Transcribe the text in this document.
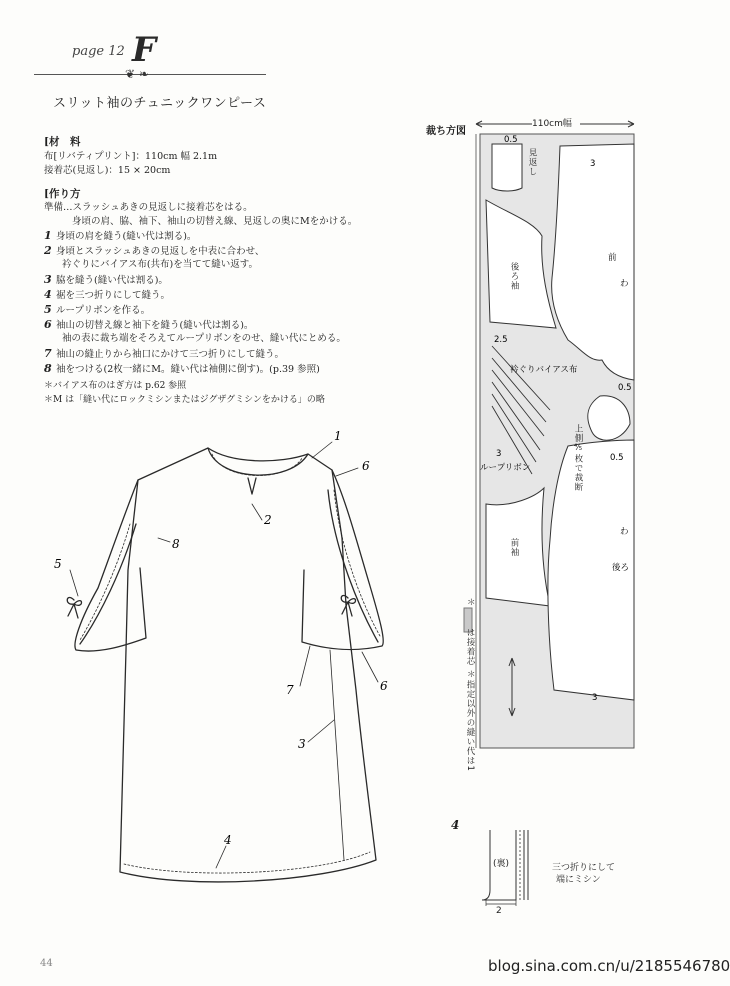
page 12 F
❦ ❧
スリット袖のチュニックワンピース
[材　料
布[リバティプリント]：110cm 幅 2.1m
接着芯(見返し)：15 × 20cm
[作り方
準備…スラッシュあきの見返しに接着芯をはる。
身頃の肩、脇、袖下、袖山の切替え線、見返しの奥にMをかける。
1 身頃の肩を縫う(縫い代は割る)。
2 身頃とスラッシュあきの見返しを中表に合わせ、
衿ぐりにバイアス布(共布)を当てて縫い返す。
3 脇を縫う(縫い代は割る)。
4 裾を三つ折りにして縫う。
5 ループリボンを作る。
6 袖山の切替え線と袖下を縫う(縫い代は割る)。
袖の表に裁ち端をそろえてループリボンをのせ、縫い代にとめる。
7 袖山の縫止りから袖口にかけて三つ折りにして縫う。
8 袖をつける(2枚一緒にM。縫い代は袖側に倒す)。(p.39 参照)
＊バイアス布のはぎ方は p.62 参照
＊M は「縫い代にロックミシンまたはジグザグミシンをかける」の略
1
6
2
8
5
7	6
3
4
裁ち方図
110cm幅
0.5
3
2.5
0.5
0.5
3
3
衿ぐりバイアス布
ループリボン
前
わ
わ
後ろ
見返し
後ろ袖
前袖
上側⅘枚で裁断
＊
は接着芯
＊
指定以外の縫い代は1
4
(裏)	三つ折りにして
端にミシン
2
44	blog.sina.com.cn/u/2185546780
